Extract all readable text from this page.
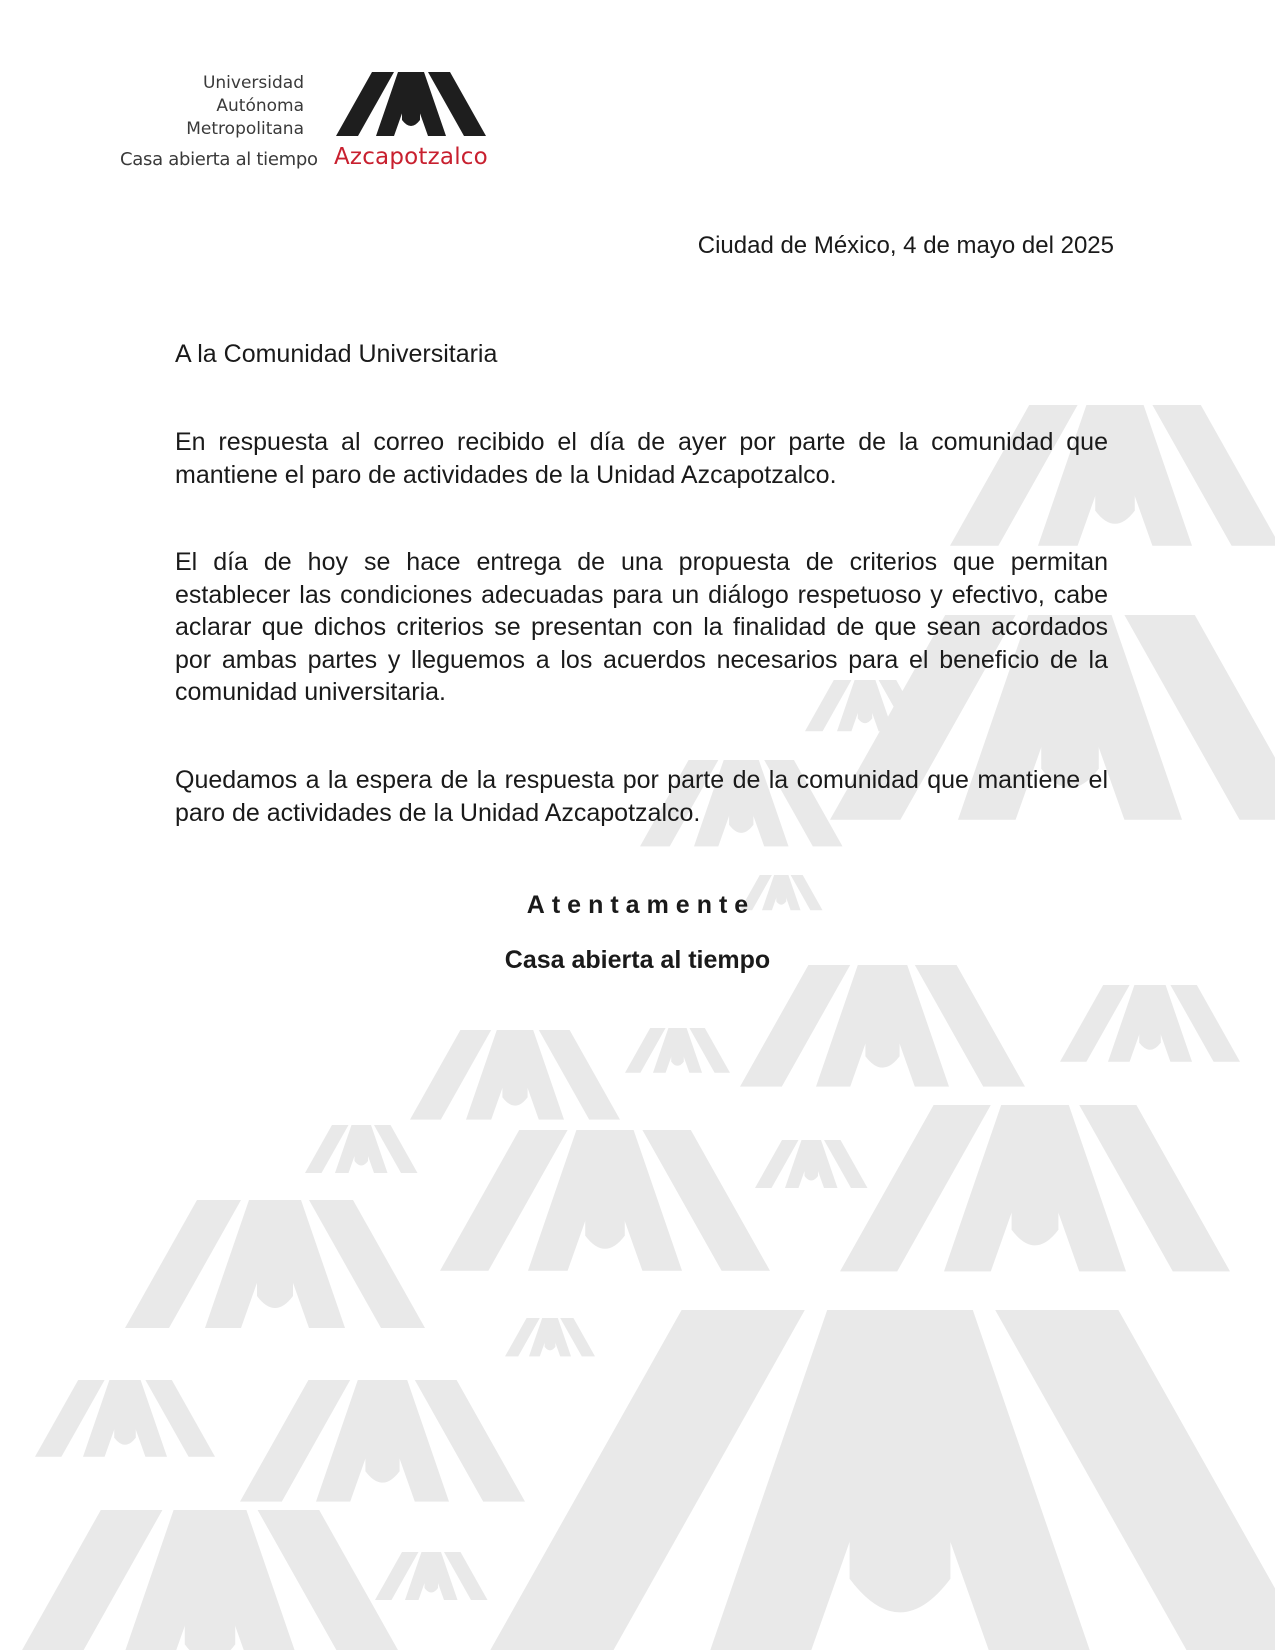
Universidad
Autónoma
Metropolitana
Casa abierta al tiempo Azcapotzalco
Ciudad de México, 4 de mayo del 2025
A la Comunidad Universitaria

En respuesta al correo recibido el día de ayer por parte de la comunidad que mantiene el paro de actividades de la Unidad Azcapotzalco.

El día de hoy se hace entrega de una propuesta de criterios que permitan establecer las condiciones adecuadas para un diálogo respetuoso y efectivo, cabe aclarar que dichos criterios se presentan con la finalidad de que sean acordados por ambas partes y lleguemos a los acuerdos necesarios para el beneficio de la comunidad universitaria.

Quedamos a la espera de la respuesta por parte de la comunidad que mantiene el paro de actividades de la Unidad Azcapotzalco.

Atentamente
Casa abierta al tiempo
